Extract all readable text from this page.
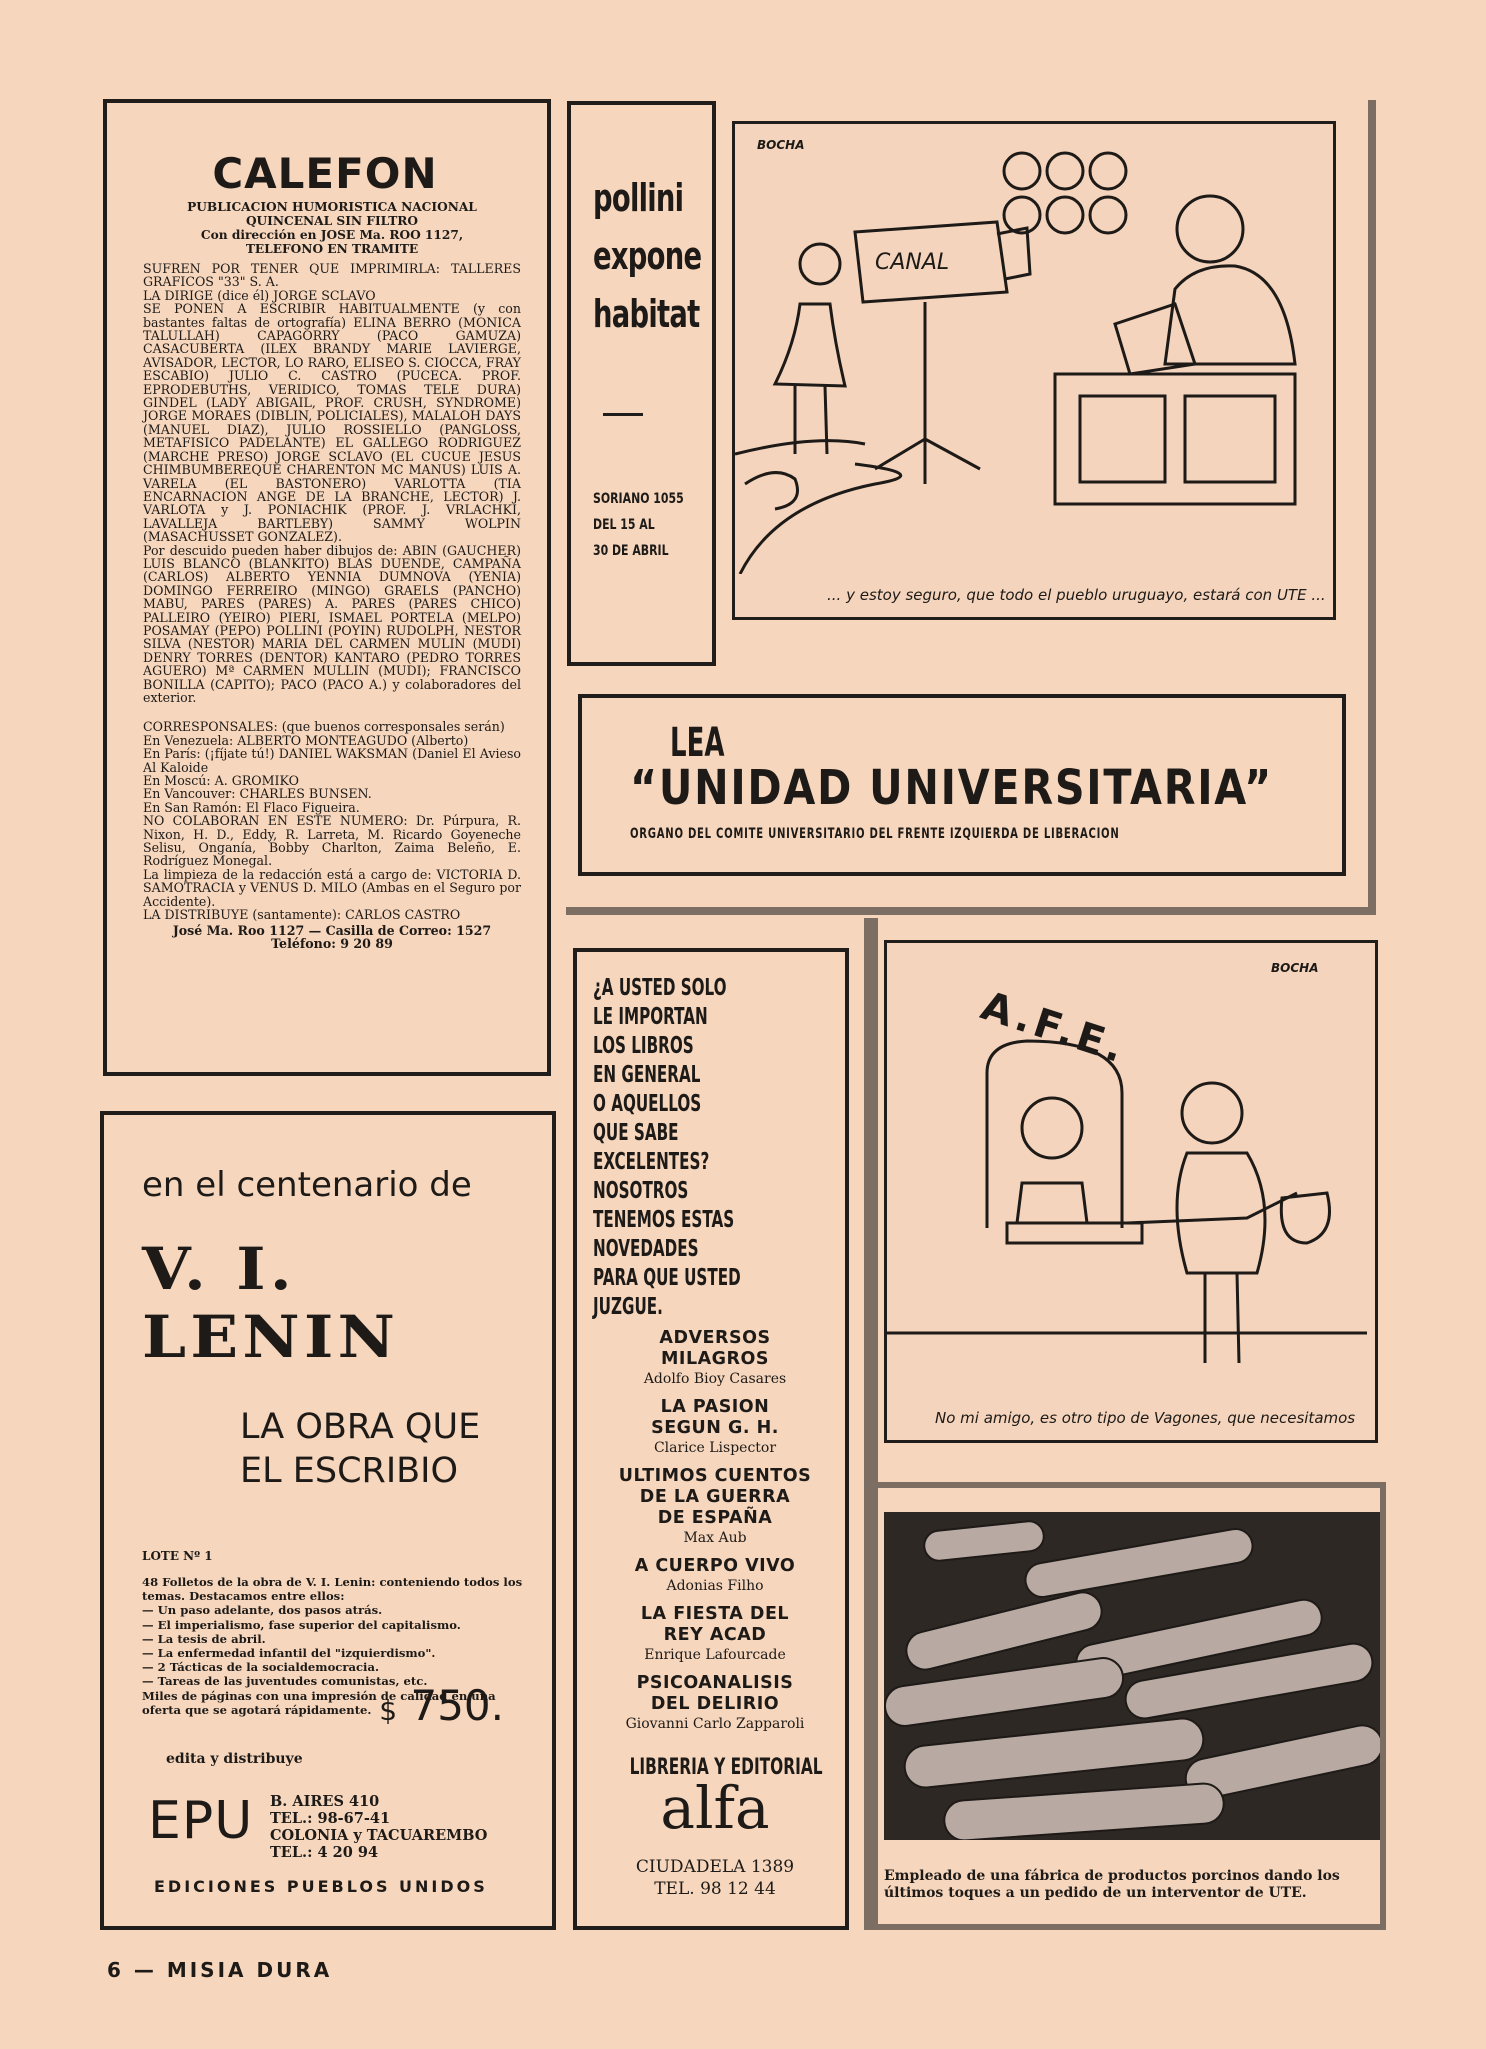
CALEFON
PUBLICACION HUMORISTICA NACIONAL
QUINCENAL SIN FILTRO
Con dirección en JOSE Ma. ROO 1127,
TELEFONO EN TRAMITE
SUFREN POR TENER QUE IMPRIMIRLA: TALLERES GRAFICOS "33" S. A.
LA DIRIGE (dice él) JORGE SCLAVO
SE PONEN A ESCRIBIR HABITUALMENTE (y con bastantes faltas de ortografía) ELINA BERRO (MONICA TALULLAH) CAPAGORRY (PACO GAMUZA) CASACUBERTA (ILEX BRANDY MARIE LAVIERGE, AVISADOR, LECTOR, LO RARO, ELISEO S. CIOCCA, FRAY ESCABIO) JULIO C. CASTRO (PUCECA. PROF. EPRODEBUTHS, VERIDICO, TOMAS TELE DURA) GINDEL (LADY ABIGAIL, PROF. CRUSH, SYNDROME) JORGE MORAES (DIBLIN, POLICIALES), MALALOH DAYS (MANUEL DIAZ), JULIO ROSSIELLO (PANGLOSS, METAFISICO PADELANTE) EL GALLEGO RODRIGUEZ (MARCHE PRESO) JORGE SCLAVO (EL CUCUE JESUS CHIMBUMBEREQUE CHARENTON MC MANUS) LUIS A. VARELA (EL BASTONERO) VARLOTTA (TIA ENCARNACION ANGE DE LA BRANCHE, LECTOR) J. VARLOTA y J. PONIACHIK (PROF. J. VRLACHKI, LAVALLEJA BARTLEBY) SAMMY WOLPIN (MASACHUSSET GONZALEZ).
Por descuido pueden haber dibujos de: ABIN (GAUCHER) LUIS BLANCO (BLANKITO) BLAS DUENDE, CAMPAÑA (CARLOS) ALBERTO YENNIA DUMNOVA (YENIA) DOMINGO FERREIRO (MINGO) GRAELS (PANCHO) MABU, PARES (PARES) A. PARES (PARES CHICO) PALLEIRO (YEIRO) PIERI, ISMAEL PORTELA (MELPO) POSAMAY (PEPO) POLLINI (POYIN) RUDOLPH, NESTOR SILVA (NESTOR) MARIA DEL CARMEN MULIN (MUDI) DENRY TORRES (DENTOR) KANTARO (PEDRO TORRES AGUERO) Mª CARMEN MULLIN (MUDI); FRANCISCO BONILLA (CAPITO); PACO (PACO A.) y colaboradores del exterior.
CORRESPONSALES: (que buenos corresponsales serán)
En Venezuela: ALBERTO MONTEAGUDO (Alberto)
En París: (¡fíjate tú!) DANIEL WAKSMAN (Daniel El Avieso Al Kaloide
En Moscú: A. GROMIKO
En Vancouver: CHARLES BUNSEN.
En San Ramón: El Flaco Figueira.
NO COLABORAN EN ESTE NUMERO: Dr. Púrpura, R. Nixon, H. D., Eddy, R. Larreta, M. Ricardo Goyeneche Selisu, Onganía, Bobby Charlton, Zaima Beleño, E. Rodríguez Monegal.
La limpieza de la redacción está a cargo de: VICTORIA D. SAMOTRACIA y VENUS D. MILO (Ambas en el Seguro por Accidente).
LA DISTRIBUYE (santamente): CARLOS CASTRO
José Ma. Roo 1127 — Casilla de Correo: 1527
Teléfono: 9 20 89
pollini
expone
habitat
SORIANO 1055
DEL 15 AL
30 DE ABRIL
BOCHA
CANAL
... y estoy seguro, que todo el pueblo uruguayo, estará con UTE ...
LEA
“UNIDAD UNIVERSITARIA”
ORGANO DEL COMITE UNIVERSITARIO DEL FRENTE IZQUIERDA DE LIBERACION
en el centenario de
V. I. LENIN
LA OBRA QUE
EL ESCRIBIO
LOTE Nº 1
48 Folletos de la obra de V. I. Lenin: conteniendo todos los temas. Destacamos entre ellos:
— Un paso adelante, dos pasos atrás.
— El imperialismo, fase superior del capitalismo.
— La tesis de abril.
— La enfermedad infantil del "izquierdismo".
— 2 Tácticas de la socialdemocracia.
— Tareas de las juventudes comunistas, etc.
Miles de páginas con una impresión de calidad en una oferta que se agotará rápidamente. $ 750.
edita y distribuye
EPU B. AIRES 410
TEL.: 98-67-41
COLONIA y TACUAREMBO
TEL.: 4 20 94
EDICIONES PUEBLOS UNIDOS
¿A USTED SOLO
LE IMPORTAN
LOS LIBROS
EN GENERAL
O AQUELLOS
QUE SABE
EXCELENTES?
NOSOTROS
TENEMOS ESTAS
NOVEDADES
PARA QUE USTED
JUZGUE.
ADVERSOS
MILAGROS
Adolfo Bioy Casares
LA PASION
SEGUN G. H.
Clarice Lispector
ULTIMOS CUENTOS
DE LA GUERRA
DE ESPAÑA
Max Aub
A CUERPO VIVO
Adonias Filho
LA FIESTA DEL
REY ACAD
Enrique Lafourcade
PSICOANALISIS
DEL DELIRIO
Giovanni Carlo Zapparoli
LIBRERIA Y EDITORIAL
alfa
CIUDADELA 1389
TEL. 98 12 44
BOCHA
A.F.E.
No mi amigo, es otro tipo de Vagones, que necesitamos
Empleado de una fábrica de productos porcinos dando los últimos toques a un pedido de un interventor de UTE.
6 — MISIA DURA
